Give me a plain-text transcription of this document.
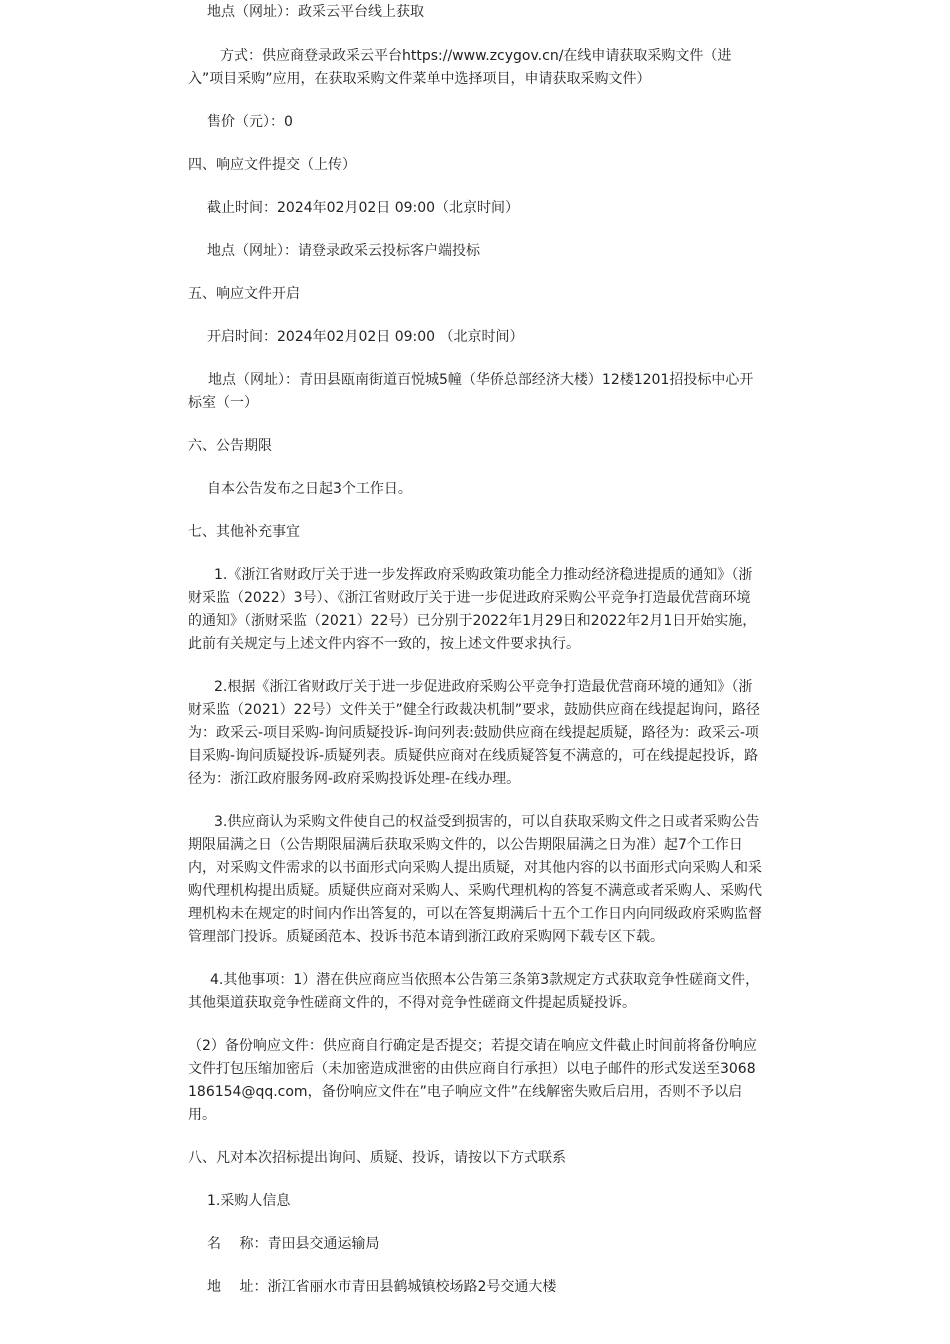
地点（网址）：政采云平台线上获取

方式：供应商登录政采云平台https://www.zcygov.cn/在线申请获取采购文件（进入”项目采购”应用，在获取采购文件菜单中选择项目，申请获取采购文件）

售价（元）：0

四、响应文件提交（上传）

截止时间：2024年02月02日 09:00（北京时间）

地点（网址）：请登录政采云投标客户端投标

五、响应文件开启

开启时间：2024年02月02日 09:00 （北京时间）

地点（网址）：青田县瓯南街道百悦城5幢（华侨总部经济大楼）12楼1201招投标中心开标室（一）

六、公告期限

自本公告发布之日起3个工作日。

七、其他补充事宜

1.《浙江省财政厅关于进一步发挥政府采购政策功能全力推动经济稳进提质的通知》（浙财采监（2022）3号）、《浙江省财政厅关于进一步促进政府采购公平竞争打造最优营商环境的通知》（浙财采监（2021）22号）已分别于2022年1月29日和2022年2月1日开始实施，此前有关规定与上述文件内容不一致的，按上述文件要求执行。

2.根据《浙江省财政厅关于进一步促进政府采购公平竞争打造最优营商环境的通知》（浙财采监（2021）22号）文件关于”健全行政裁决机制”要求，鼓励供应商在线提起询问，路径为：政采云-项目采购-询问质疑投诉-询问列表:鼓励供应商在线提起质疑，路径为：政采云-项目采购-询问质疑投诉-质疑列表。质疑供应商对在线质疑答复不满意的，可在线提起投诉，路径为：浙江政府服务网-政府采购投诉处理-在线办理。

3.供应商认为采购文件使自己的权益受到损害的，可以自获取采购文件之日或者采购公告期限届满之日（公告期限届满后获取采购文件的，以公告期限届满之日为准）起7个工作日内，对采购文件需求的以书面形式向采购人提出质疑，对其他内容的以书面形式向采购人和采购代理机构提出质疑。质疑供应商对采购人、采购代理机构的答复不满意或者采购人、采购代理机构未在规定的时间内作出答复的，可以在答复期满后十五个工作日内向同级政府采购监督管理部门投诉。质疑函范本、投诉书范本请到浙江政府采购网下载专区下载。

4.其他事项：1）潜在供应商应当依照本公告第三条第3款规定方式获取竞争性磋商文件，其他渠道获取竞争性磋商文件的，不得对竞争性磋商文件提起质疑投诉。

（2）备份响应文件：供应商自行确定是否提交；若提交请在响应文件截止时间前将备份响应文件打包压缩加密后（未加密造成泄密的由供应商自行承担）以电子邮件的形式发送至3068186154@qq.com，备份响应文件在”电子响应文件”在线解密失败后启用，否则不予以启用。

八、凡对本次招标提出询问、质疑、投诉，请按以下方式联系

1.采购人信息

名　 称：青田县交通运输局

地　 址：浙江省丽水市青田县鹤城镇校场路2号交通大楼
